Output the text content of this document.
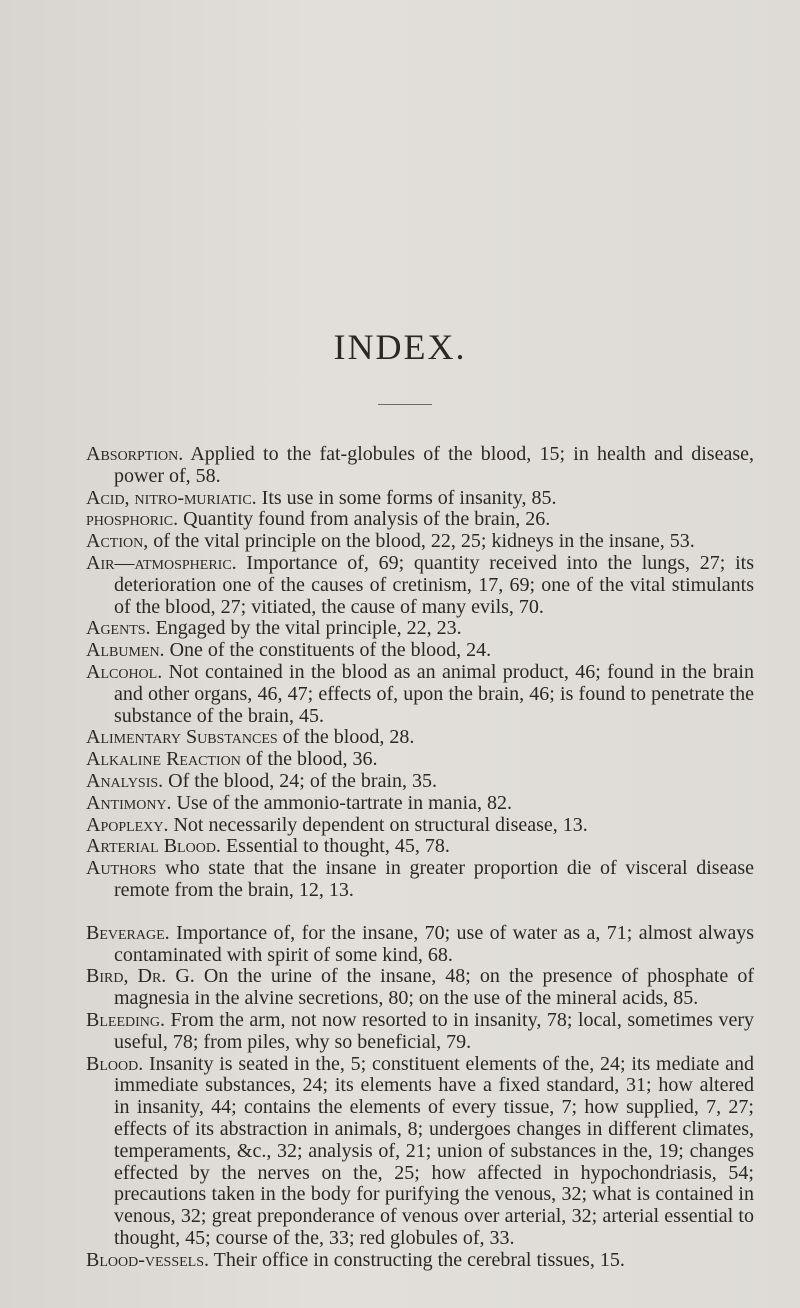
INDEX.

Absorption. Applied to the fat-globules of the blood, 15; in health and disease, power of, 58.

Acid, nitro-muriatic. Its use in some forms of insanity, 85.

phosphoric. Quantity found from analysis of the brain, 26.

Action, of the vital principle on the blood, 22, 25; kidneys in the insane, 53.

Air—atmospheric. Importance of, 69; quantity received into the lungs, 27; its deterioration one of the causes of cretinism, 17, 69; one of the vital stimulants of the blood, 27; vitiated, the cause of many evils, 70.

Agents. Engaged by the vital principle, 22, 23.

Albumen. One of the constituents of the blood, 24.

Alcohol. Not contained in the blood as an animal product, 46; found in the brain and other organs, 46, 47; effects of, upon the brain, 46; is found to penetrate the substance of the brain, 45.

Alimentary Substances of the blood, 28.

Alkaline Reaction of the blood, 36.

Analysis. Of the blood, 24; of the brain, 35.

Antimony. Use of the ammonio-tartrate in mania, 82.

Apoplexy. Not necessarily dependent on structural disease, 13.

Arterial Blood. Essential to thought, 45, 78.

Authors who state that the insane in greater proportion die of visceral disease remote from the brain, 12, 13.

Beverage. Importance of, for the insane, 70; use of water as a, 71; almost always contaminated with spirit of some kind, 68.

Bird, Dr. G. On the urine of the insane, 48; on the presence of phosphate of magnesia in the alvine secretions, 80; on the use of the mineral acids, 85.

Bleeding. From the arm, not now resorted to in insanity, 78; local, sometimes very useful, 78; from piles, why so beneficial, 79.

Blood. Insanity is seated in the, 5; constituent elements of the, 24; its mediate and immediate substances, 24; its elements have a fixed standard, 31; how altered in insanity, 44; contains the elements of every tissue, 7; how supplied, 7, 27; effects of its abstraction in animals, 8; undergoes changes in different climates, temperaments, &c., 32; analysis of, 21; union of substances in the, 19; changes effected by the nerves on the, 25; how affected in hypochondriasis, 54; precautions taken in the body for purifying the venous, 32; what is contained in venous, 32; great preponderance of venous over arterial, 32; arterial essential to thought, 45; course of the, 33; red globules of, 33.

Blood-vessels. Their office in constructing the cerebral tissues, 15.
